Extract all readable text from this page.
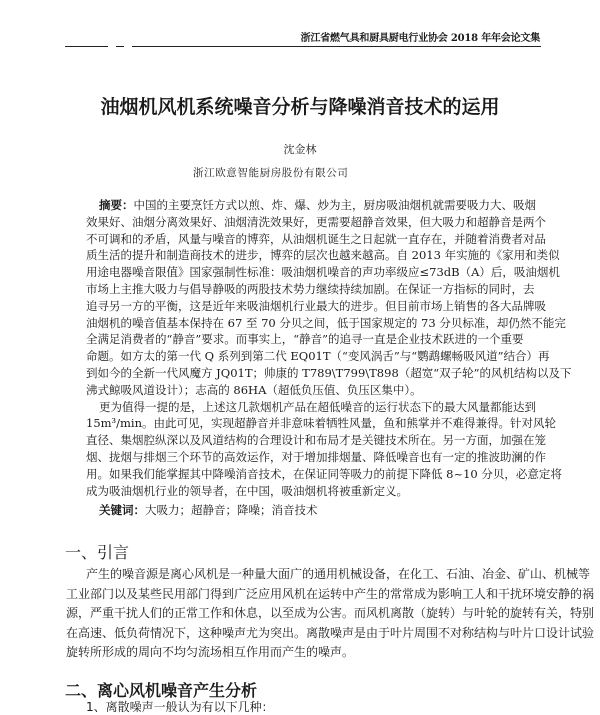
浙江省燃气具和厨具厨电行业协会 2018 年年会论文集
油烟机风机系统噪音分析与降噪消音技术的运用
沈金林
浙江欧意智能厨房股份有限公司
摘要：中国的主要烹饪方式以煎、炸、爆、炒为主，厨房吸油烟机就需要吸力大、吸烟
效果好、油烟分离效果好、油烟清洗效果好，更需要超静音效果，但大吸力和超静音是两个
不可调和的矛盾，风量与噪音的博弈，从油烟机诞生之日起就一直存在，并随着消费者对品
质生活的提升和制造商技术的进步，博弈的层次也越来越高。自 2013 年实施的《家用和类似
用途电器噪音限值》国家强制性标准：吸油烟机噪音的声功率级应≤73dB（A）后，吸油烟机
市场上主推大吸力与倡导静吸的两股技术势力继续持续加剧。在保证一方指标的同时，去
追寻另一方的平衡，这是近年来吸油烟机行业最大的进步。但目前市场上销售的各大品牌吸
油烟机的噪音值基本保持在 67 至 70 分贝之间，低于国家规定的 73 分贝标准，却仍然不能完
全满足消费者的“静音”要求。而事实上，“静音”的追寻一直是企业技术跃进的一个重要
命题。如方太的第一代 Q 系列到第二代 EQ01T（“变风涡舌”与“鹦鹉螺畅吸风道”结合）再
到如今的全新一代风魔方 JQ01T；帅康的 T789\T799\T898（超宽“双子轮”的风机结构以及下
沸式鲸吸风道设计）；志高的 86HA（超低负压值、负压区集中）。
更为值得一提的是，上述这几款烟机产品在超低噪音的运行状态下的最大风量都能达到
15m³/min。由此可见，实现超静音并非意味着牺牲风量，鱼和熊掌并不难得兼得。针对风轮
直径、集烟腔纵深以及风道结构的合理设计和布局才是关键技术所在。另一方面，加强在笼
烟、拢烟与排烟三个环节的高效运作，对于增加排烟量、降低噪音也有一定的推波助澜的作
用。如果我们能掌握其中降噪消音技术，在保证同等吸力的前提下降低 8~10 分贝，必意定将
成为吸油烟机行业的领导者，在中国，吸油烟机将被重新定义。
关键词：大吸力；超静音；降噪；消音技术
一、引言
产生的噪音源是离心风机是一种量大面广的通用机械设备，在化工、石油、冶金、矿山、机械等
工业部门以及某些民用部门得到广泛应用风机在运转中产生的常常成为影响工人和干扰环境安静的祸
源，严重干扰人们的正常工作和休息，以至成为公害。而风机离散（旋转）与叶轮的旋转有关，特别
在高速、低负荷情况下，这种噪声尤为突出。离散噪声是由于叶片周围不对称结构与叶片口设计试验
旋转所形成的周向不均匀流场相互作用而产生的噪声。
二、离心风机噪音产生分析
1、离散噪声一般认为有以下几种：
